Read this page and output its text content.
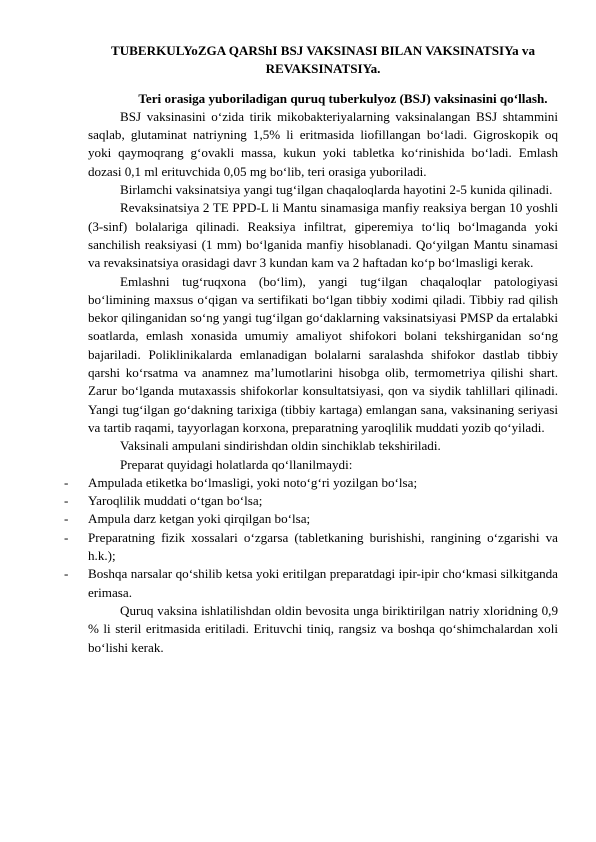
TUBERKULYoZGA QARShI BSJ VAKSINASI BILAN VAKSINATSIYa va REVAKSINATSIYa.
Teri orasiga yuboriladigan quruq tuberkulyoz (BSJ) vaksinasini qo‘llash.

BSJ vaksinasini o‘zida tirik mikobakteriyalarning vaksinalangan BSJ shtammini saqlab, glutaminat natriyning 1,5% li eritmasida liofillangan bo‘ladi. Gigroskopik oq yoki qaymoqrang g‘ovakli massa, kukun yoki tabletka ko‘rinishida bo‘ladi. Emlash dozasi 0,1 ml erituvchida 0,05 mg bo‘lib, teri orasiga yuboriladi.

Birlamchi vaksinatsiya yangi tug‘ilgan chaqaloqlarda hayotini 2-5 kunida qilinadi.

Revaksinatsiya 2 TE PPD-L li Mantu sinamasiga manfiy reaksiya bergan 10 yoshli (3-sinf) bolalariga qilinadi. Reaksiya infiltrat, giperemiya to‘liq bo‘lmaganda yoki sanchilish reaksiyasi (1 mm) bo‘lganida manfiy hisoblanadi. Qo‘yilgan Mantu sinamasi va revaksinatsiya orasidagi davr 3 kundan kam va 2 haftadan ko‘p bo‘lmasligi kerak.

Emlashni tug‘ruqxona (bo‘lim), yangi tug‘ilgan chaqaloqlar patologiyasi bo‘limining maxsus o‘qigan va sertifikati bo‘lgan tibbiy xodimi qiladi. Tibbiy rad qilish bekor qilinganidan so‘ng yangi tug‘ilgan go‘daklarning vaksinatsiyasi PMSP da ertalabki soatlarda, emlash xonasida umumiy amaliyot shifokori bolani tekshirganidan so‘ng bajariladi. Poliklinikalarda emlanadigan bolalarni saralashda shifokor dastlab tibbiy qarshi ko‘rsatma va anamnez ma’lumotlarini hisobga olib, termometriya qilishi shart. Zarur bo‘lganda mutaxassis shifokorlar konsultatsiyasi, qon va siydik tahlillari qilinadi. Yangi tug‘ilgan go‘dakning tarixiga (tibbiy kartaga) emlangan sana, vaksinaning seriyasi va tartib raqami, tayyorlagan korxona, preparatning yaroqlilik muddati yozib qo‘yiladi.

Vaksinali ampulani sindirishdan oldin sinchiklab tekshiriladi.

Preparat quyidagi holatlarda qo‘llanilmaydi:

- Ampulada etiketka bo‘lmasligi, yoki noto‘g‘ri yozilgan bo‘lsa;
- Yaroqlilik muddati o‘tgan bo‘lsa;
- Ampula darz ketgan yoki qirqilgan bo‘lsa;
- Preparatning fizik xossalari o‘zgarsa (tabletkaning burishishi, rangining o‘zgarishi va h.k.);
- Boshqa narsalar qo‘shilib ketsa yoki eritilgan preparatdagi ipir-ipir cho‘kmasi silkitganda erimasa.

Quruq vaksina ishlatilishdan oldin bevosita unga biriktirilgan natriy xloridning 0,9 % li steril eritmasida eritiladi. Erituvchi tiniq, rangsiz va boshqa qo‘shimchalardan xoli bo‘lishi kerak.
